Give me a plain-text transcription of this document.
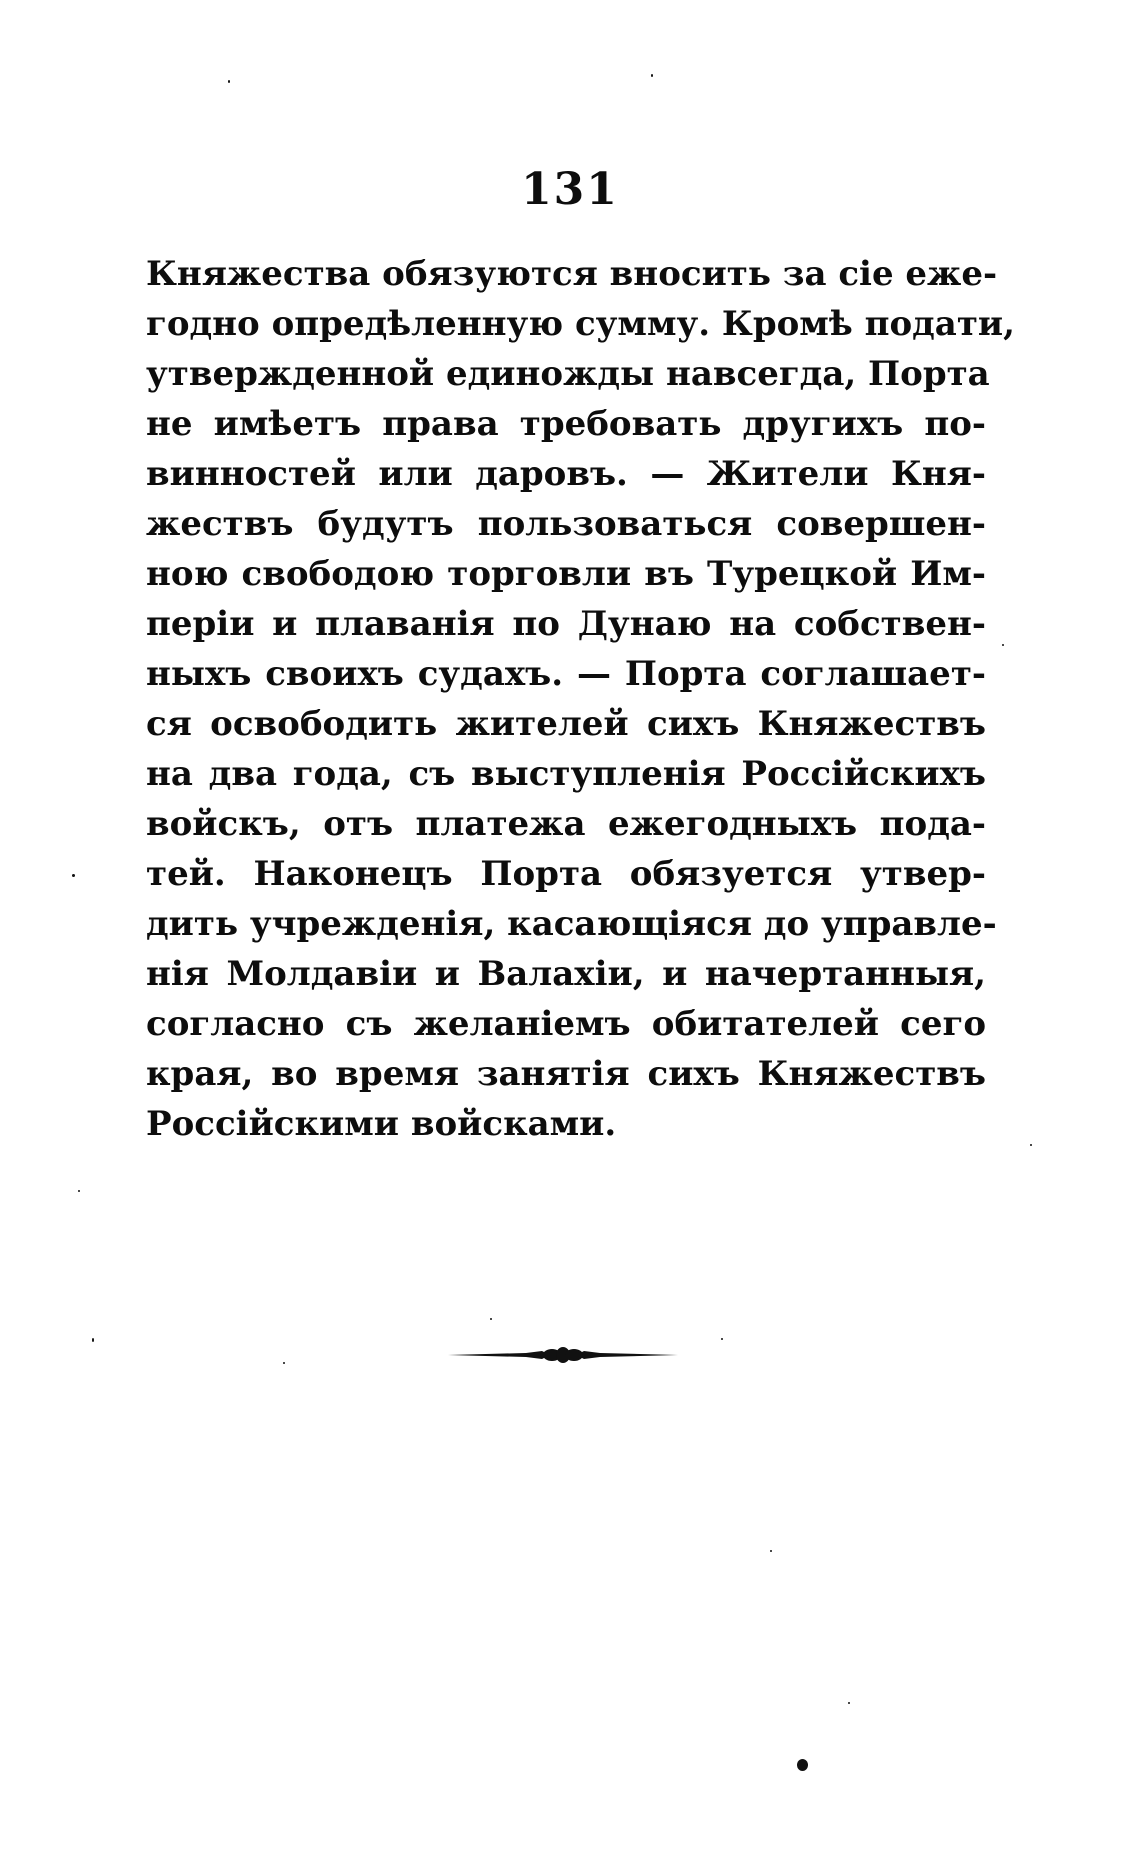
131
Княжества обязуются вносить за сіе еже-
годно опредѣленную сумму. Кромѣ подати,
утвержденной единожды навсегда, Порта
не имѣетъ права требовать другихъ по-
винностей или даровъ. — Жители Кня-
жествъ будутъ пользоваться совершен-
ною свободою торговли въ Турецкой Им-
періи и плаванія по Дунаю на собствен-
ныхъ своихъ судахъ. — Порта соглашает-
ся освободить жителей сихъ Княжествъ
на два года, съ выступленія Россійскихъ
войскъ, отъ платежа ежегодныхъ пода-
тей. Наконецъ Порта обязуется утвер-
дить учрежденія, касающіяся до управле-
нія Молдавіи и Валахіи, и начертанныя,
согласно съ желаніемъ обитателей сего
края, во время занятія сихъ Княжествъ
Россійскими войсками.
